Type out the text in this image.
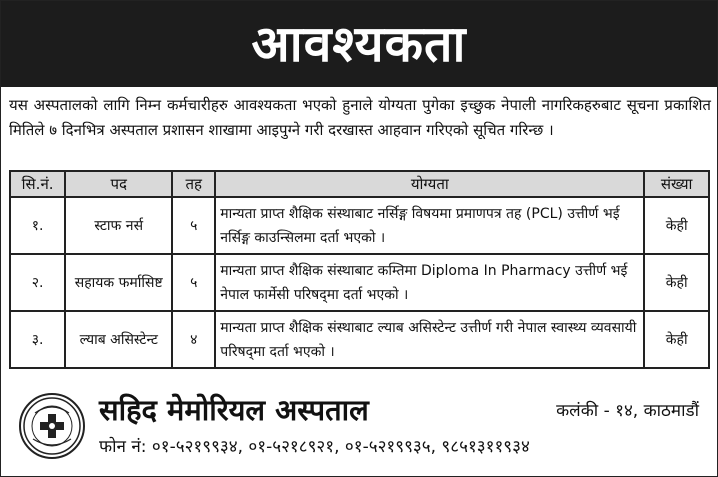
आवश्यकता
यस अस्पतालको लागि निम्न कर्मचारीहरु आवश्यकता भएको हुनाले योग्यता पुगेका इच्छुक नेपाली नागरिकहरुबाट सूचना प्रकाशित मितिले ७ दिनभित्र अस्पताल प्रशासन शाखामा आइपुग्ने गरी दरखास्त आहवान गरिएको सूचित गरिन्छ ।
सि.नं.	पद	तह	योग्यता	संख्या
१.	स्टाफ नर्स	५	मान्यता प्राप्त शैक्षिक संस्थाबाट नर्सिङ्ग विषयमा प्रमाणपत्र तह (PCL) उत्तीर्ण भई नर्सिङ्ग काउन्सिलमा दर्ता भएको ।	केही
२.	सहायक फर्मासिष्ट	५	मान्यता प्राप्त शैक्षिक संस्थाबाट कम्तिमा Diploma In Pharmacy उत्तीर्ण भई नेपाल फार्मेसी परिषद्‌मा दर्ता भएको ।	केही
३.	ल्याब असिस्टेन्ट	४	मान्यता प्राप्त शैक्षिक संस्थाबाट ल्याब असिस्टेन्ट उत्तीर्ण गरी नेपाल स्वास्थ्य व्यवसायी परिषद्‌मा दर्ता भएको ।	केही
सहिद मेमोरियल अस्पताल	कलंकी - १४, काठमाडौं
फोन नं: ०१-५२१९९३४, ०१-५२१८९२१, ०१-५२१९९३५, ९८५१३११९३४
